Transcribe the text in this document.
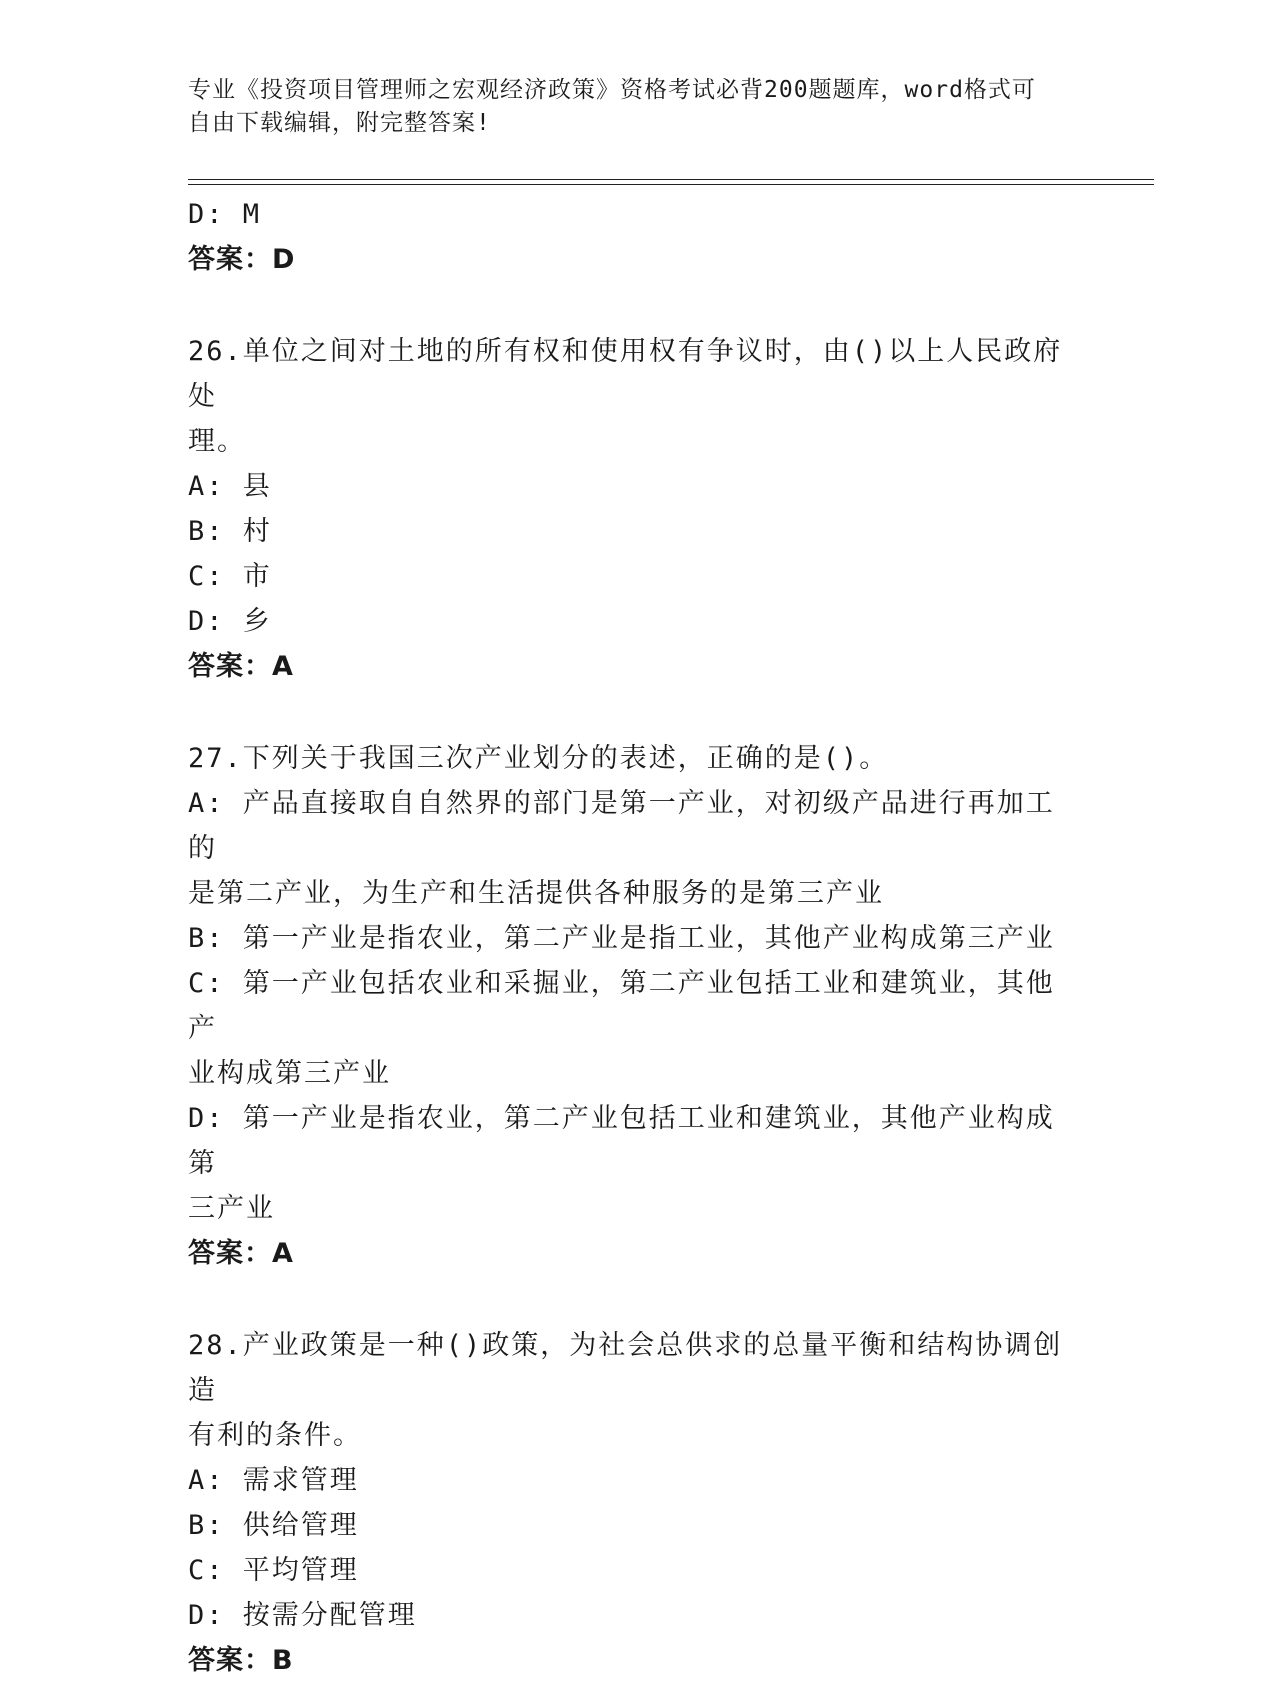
专业《投资项目管理师之宏观经济政策》资格考试必背200题题库，word格式可
自由下载编辑，附完整答案!

D: M

答案：D

26.单位之间对土地的所有权和使用权有争议时，由()以上人民政府处

理。

A: 县

B: 村

C: 市

D: 乡

答案：A

27.下列关于我国三次产业划分的表述，正确的是()。

A: 产品直接取自自然界的部门是第一产业，对初级产品进行再加工的

是第二产业，为生产和生活提供各种服务的是第三产业

B: 第一产业是指农业，第二产业是指工业，其他产业构成第三产业

C: 第一产业包括农业和采掘业，第二产业包括工业和建筑业，其他产

业构成第三产业

D: 第一产业是指农业，第二产业包括工业和建筑业，其他产业构成第

三产业

答案：A

28.产业政策是一种()政策，为社会总供求的总量平衡和结构协调创造

有利的条件。

A: 需求管理

B: 供给管理

C: 平均管理

D: 按需分配管理

答案：B
